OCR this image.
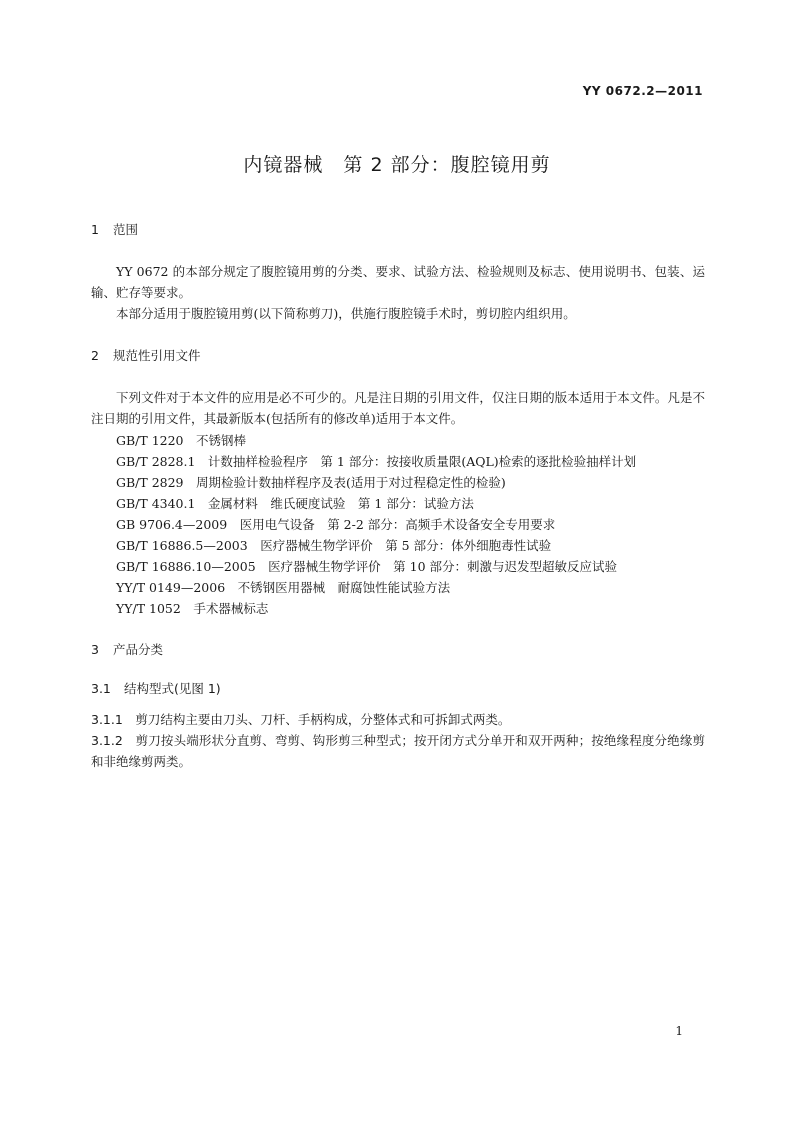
YY 0672.2—2011
内镜器械　第 2 部分：腹腔镜用剪
1 范围
YY 0672 的本部分规定了腹腔镜用剪的分类、要求、试验方法、检验规则及标志、使用说明书、包装、运输、贮存等要求。
本部分适用于腹腔镜用剪(以下简称剪刀)，供施行腹腔镜手术时，剪切腔内组织用。
2 规范性引用文件
下列文件对于本文件的应用是必不可少的。凡是注日期的引用文件，仅注日期的版本适用于本文件。凡是不注日期的引用文件，其最新版本(包括所有的修改单)适用于本文件。
GB/T 1220　不锈钢棒
GB/T 2828.1　计数抽样检验程序　第 1 部分：按接收质量限(AQL)检索的逐批检验抽样计划
GB/T 2829　周期检验计数抽样程序及表(适用于对过程稳定性的检验)
GB/T 4340.1　金属材料　维氏硬度试验　第 1 部分：试验方法
GB 9706.4—2009　医用电气设备　第 2-2 部分：高频手术设备安全专用要求
GB/T 16886.5—2003　医疗器械生物学评价　第 5 部分：体外细胞毒性试验
GB/T 16886.10—2005　医疗器械生物学评价　第 10 部分：刺激与迟发型超敏反应试验
YY/T 0149—2006　不锈钢医用器械　耐腐蚀性能试验方法
YY/T 1052　手术器械标志
3 产品分类
3.1 结构型式(见图 1)
3.1.1　 剪刀结构主要由刀头、刀杆、手柄构成，分整体式和可拆卸式两类。
3.1.2　 剪刀按头端形状分直剪、弯剪、钩形剪三种型式；按开闭方式分单开和双开两种；按绝缘程度分绝缘剪和非绝缘剪两类。
1
